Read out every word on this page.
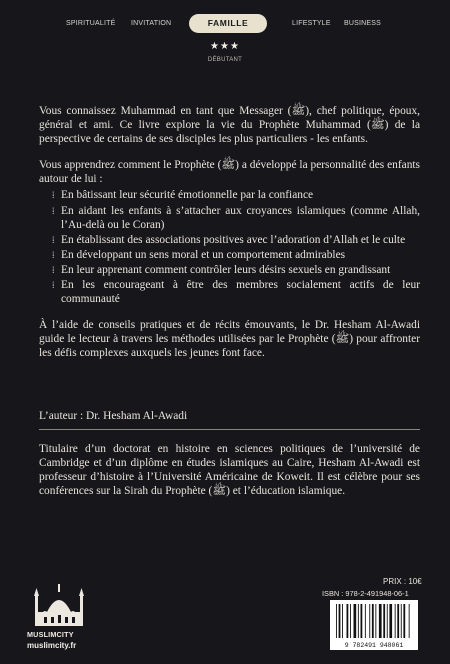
SPIRITUALITÉ INVITATION	FAMILLE	LIFESTYLE BUSINESS
★★★
DÉBUTANT

Vous connaissez Muhammad en tant que Messager (ﷺ), chef politique, époux, général et ami. Ce livre explore la vie du Prophète Muhammad (ﷺ) de la perspective de certains de ses disciples les plus particuliers - les enfants.

Vous apprendrez comment le Prophète (ﷺ) a développé la personnalité des enfants autour de lui :

⁞ En bâtissant leur sécurité émotionnelle par la confiance
⁞ En aidant les enfants à s’attacher aux croyances islamiques (comme Allah, l’Au-delà ou le Coran)
⁞ En établissant des associations positives avec l’adoration d’Allah et le culte
⁞ En développant un sens moral et un comportement admirables
⁞ En leur apprenant comment contrôler leurs désirs sexuels en grandissant
⁞ En les encourageant à être des membres socialement actifs de leur communauté

À l’aide de conseils pratiques et de récits émouvants, le Dr. Hesham Al-Awadi guide le lecteur à travers les méthodes utilisées par le Prophète (ﷺ) pour affronter les défis complexes auxquels les jeunes font face.

L’auteur : Dr. Hesham Al-Awadi

Titulaire d’un doctorat en histoire en sciences politiques de l’université de Cambridge et d’un diplôme en études islamiques au Caire, Hesham Al-Awadi est professeur d’histoire à l’Université Américaine de Koweit. Il est célèbre pour ses conférences sur la Sirah du Prophète (ﷺ) et l’éducation islamique.

MUSLIMCITY
muslimcity.fr
PRIX : 10€
ISBN : 978-2-491948-06-1
9 782491 948061
